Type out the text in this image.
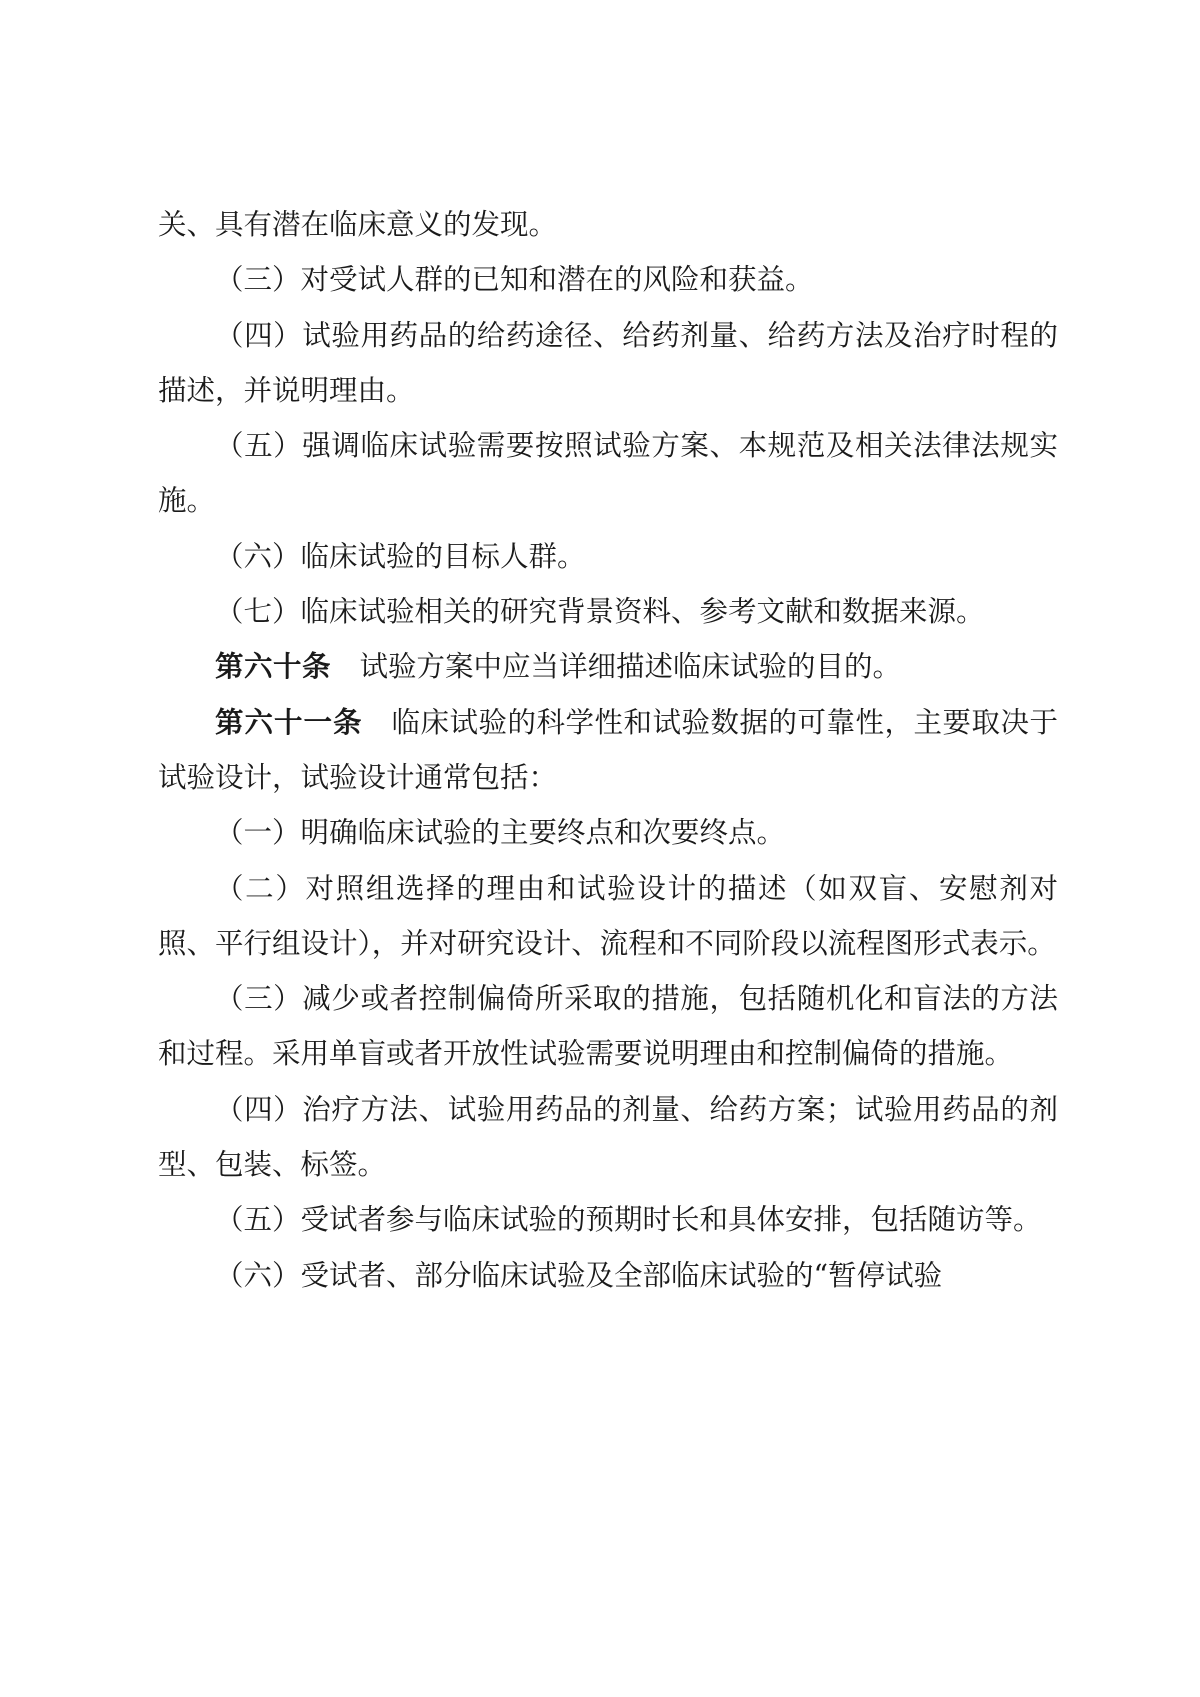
关、具有潜在临床意义的发现。

（三）对受试人群的已知和潜在的风险和获益。

（四）试验用药品的给药途径、给药剂量、给药方法及治疗时程的描述，并说明理由。

（五）强调临床试验需要按照试验方案、本规范及相关法律法规实施。

（六）临床试验的目标人群。

（七）临床试验相关的研究背景资料、参考文献和数据来源。

第六十条 试验方案中应当详细描述临床试验的目的。

第六十一条 临床试验的科学性和试验数据的可靠性，主要取决于试验设计，试验设计通常包括：

（一）明确临床试验的主要终点和次要终点。

（二）对照组选择的理由和试验设计的描述（如双盲、安慰剂对照、平行组设计），并对研究设计、流程和不同阶段以流程图形式表示。

（三）减少或者控制偏倚所采取的措施，包括随机化和盲法的方法和过程。采用单盲或者开放性试验需要说明理由和控制偏倚的措施。

（四）治疗方法、试验用药品的剂量、给药方案；试验用药品的剂型、包装、标签。

（五）受试者参与临床试验的预期时长和具体安排，包括随访等。

（六）受试者、部分临床试验及全部临床试验的“暂停试验
